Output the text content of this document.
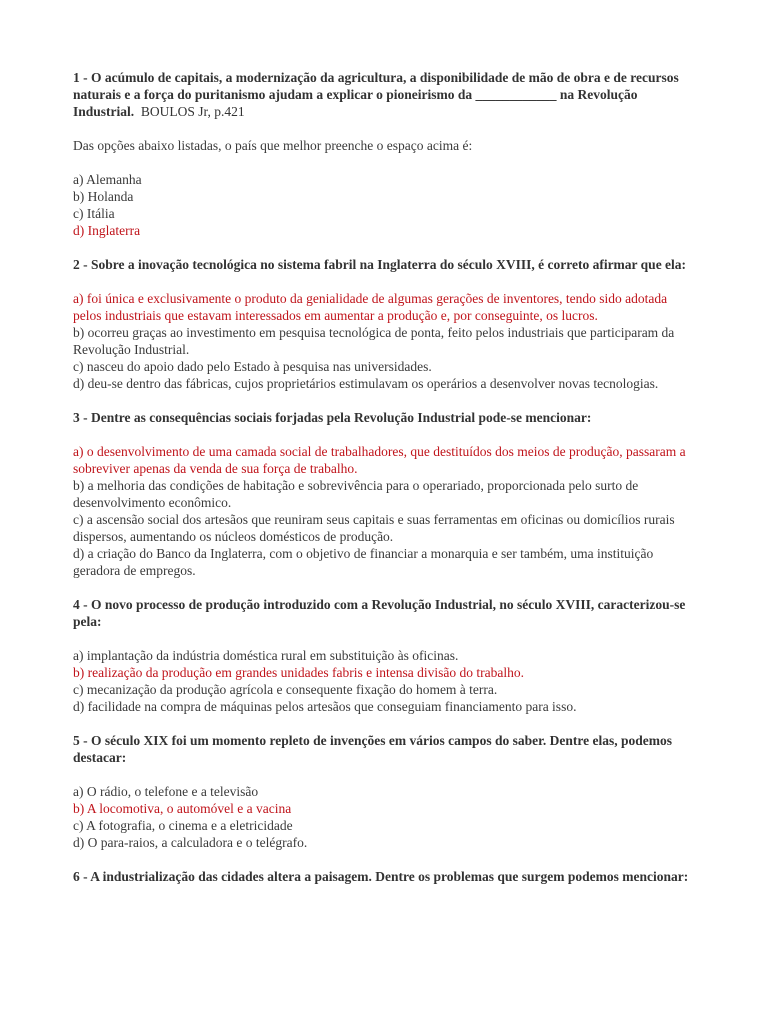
1 - O acúmulo de capitais, a modernização da agricultura, a disponibilidade de mão de obra e de recursos naturais e a força do puritanismo ajudam a explicar o pioneirismo da ____________ na Revolução Industrial. BOULOS Jr, p.421

Das opções abaixo listadas, o país que melhor preenche o espaço acima é:

a) Alemanha
b) Holanda
c) Itália
d) Inglaterra

2 - Sobre a inovação tecnológica no sistema fabril na Inglaterra do século XVIII, é correto afirmar que ela:

a) foi única e exclusivamente o produto da genialidade de algumas gerações de inventores, tendo sido adotada pelos industriais que estavam interessados em aumentar a produção e, por conseguinte, os lucros.
b) ocorreu graças ao investimento em pesquisa tecnológica de ponta, feito pelos industriais que participaram da Revolução Industrial.
c) nasceu do apoio dado pelo Estado à pesquisa nas universidades.
d) deu-se dentro das fábricas, cujos proprietários estimulavam os operários a desenvolver novas tecnologias.

3 - Dentre as consequências sociais forjadas pela Revolução Industrial pode-se mencionar:

a) o desenvolvimento de uma camada social de trabalhadores, que destituídos dos meios de produção, passaram a sobreviver apenas da venda de sua força de trabalho.
b) a melhoria das condições de habitação e sobrevivência para o operariado, proporcionada pelo surto de desenvolvimento econômico.
c) a ascensão social dos artesãos que reuniram seus capitais e suas ferramentas em oficinas ou domicílios rurais dispersos, aumentando os núcleos domésticos de produção.
d) a criação do Banco da Inglaterra, com o objetivo de financiar a monarquia e ser também, uma instituição geradora de empregos.

4 - O novo processo de produção introduzido com a Revolução Industrial, no século XVIII, caracterizou-se pela:

a) implantação da indústria doméstica rural em substituição às oficinas.
b) realização da produção em grandes unidades fabris e intensa divisão do trabalho.
c) mecanização da produção agrícola e consequente fixação do homem à terra.
d) facilidade na compra de máquinas pelos artesãos que conseguiam financiamento para isso.

5 - O século XIX foi um momento repleto de invenções em vários campos do saber. Dentre elas, podemos destacar:

a) O rádio, o telefone e a televisão
b) A locomotiva, o automóvel e a vacina
c) A fotografia, o cinema e a eletricidade
d) O para-raios, a calculadora e o telégrafo.

6 - A industrialização das cidades altera a paisagem. Dentre os problemas que surgem podemos mencionar:
